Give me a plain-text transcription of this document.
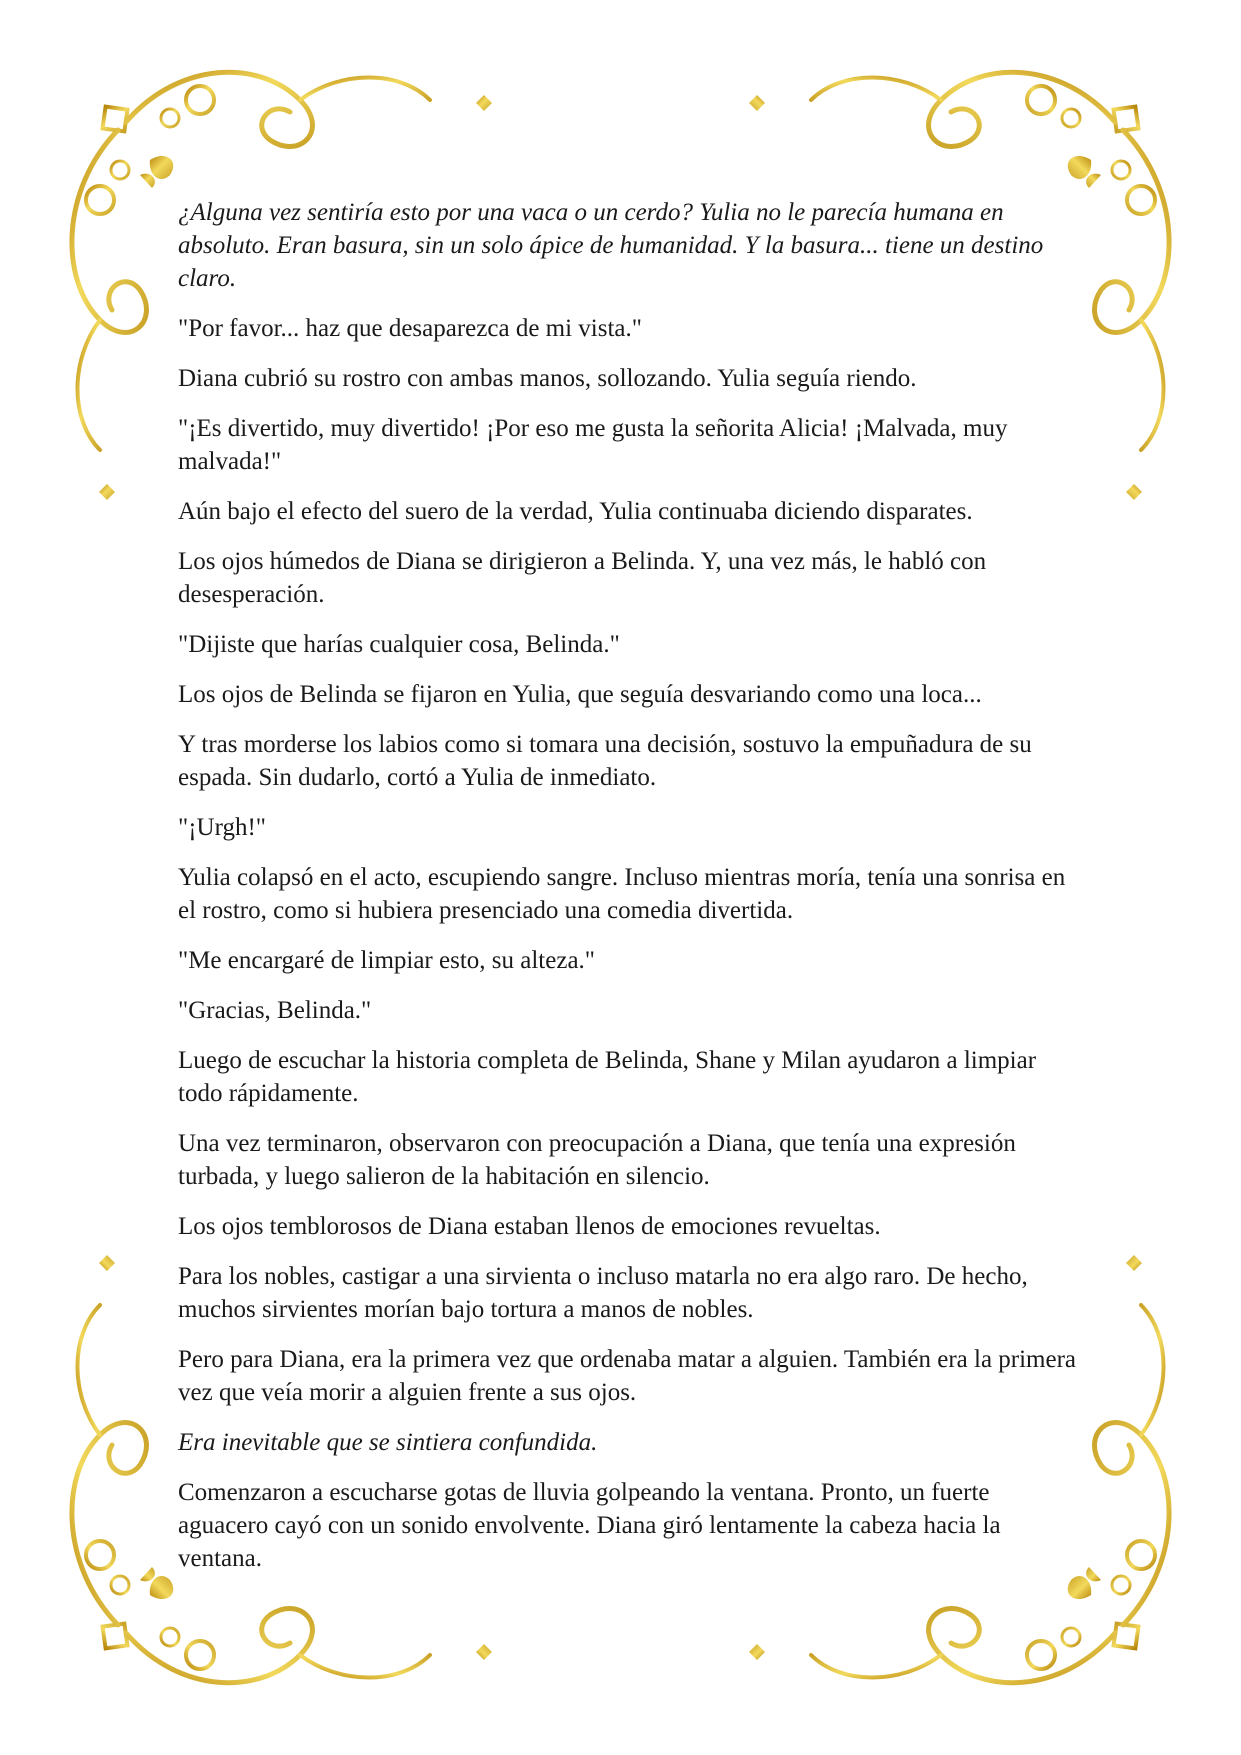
¿Alguna vez sentiría esto por una vaca o un cerdo? Yulia no le parecía humana en absoluto. Eran basura, sin un solo ápice de humanidad. Y la basura... tiene un destino claro.

"Por favor... haz que desaparezca de mi vista."

Diana cubrió su rostro con ambas manos, sollozando. Yulia seguía riendo.

"¡Es divertido, muy divertido! ¡Por eso me gusta la señorita Alicia! ¡Malvada, muy malvada!"

Aún bajo el efecto del suero de la verdad, Yulia continuaba diciendo disparates.

Los ojos húmedos de Diana se dirigieron a Belinda. Y, una vez más, le habló con desesperación.

"Dijiste que harías cualquier cosa, Belinda."

Los ojos de Belinda se fijaron en Yulia, que seguía desvariando como una loca...

Y tras morderse los labios como si tomara una decisión, sostuvo la empuñadura de su espada. Sin dudarlo, cortó a Yulia de inmediato.

"¡Urgh!"

Yulia colapsó en el acto, escupiendo sangre. Incluso mientras moría, tenía una sonrisa en el rostro, como si hubiera presenciado una comedia divertida.

"Me encargaré de limpiar esto, su alteza."

"Gracias, Belinda."

Luego de escuchar la historia completa de Belinda, Shane y Milan ayudaron a limpiar todo rápidamente.

Una vez terminaron, observaron con preocupación a Diana, que tenía una expresión turbada, y luego salieron de la habitación en silencio.

Los ojos temblorosos de Diana estaban llenos de emociones revueltas.

Para los nobles, castigar a una sirvienta o incluso matarla no era algo raro. De hecho, muchos sirvientes morían bajo tortura a manos de nobles.

Pero para Diana, era la primera vez que ordenaba matar a alguien. También era la primera vez que veía morir a alguien frente a sus ojos.

Era inevitable que se sintiera confundida.

Comenzaron a escucharse gotas de lluvia golpeando la ventana. Pronto, un fuerte aguacero cayó con un sonido envolvente. Diana giró lentamente la cabeza hacia la ventana.
